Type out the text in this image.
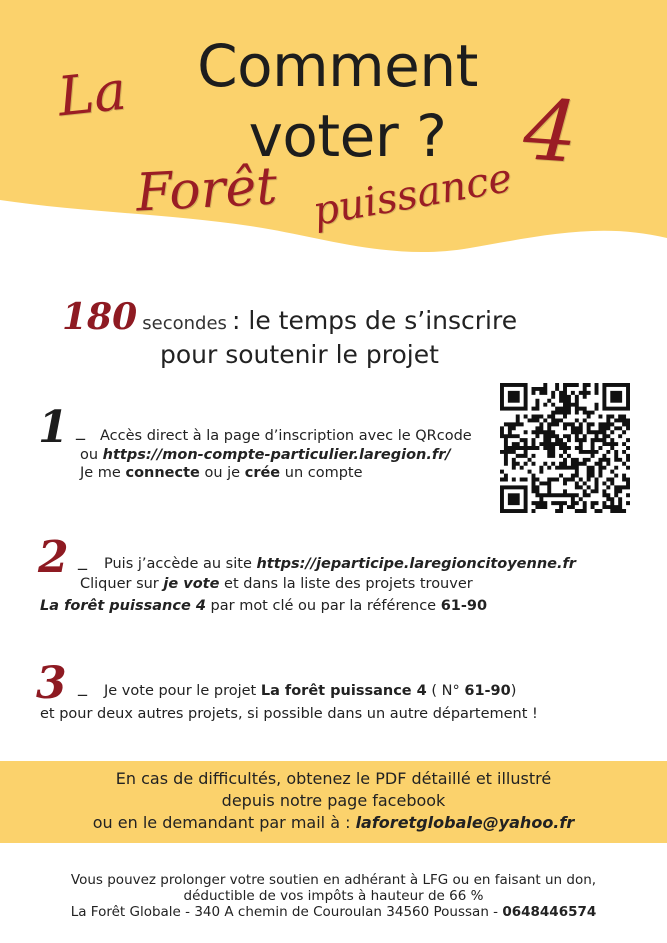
Comment
voter ?
La	4
Forêt puissance
180 secondes : le temps de s’inscrire
pour soutenir le projet
1 _ Accès direct à la page d’inscription avec le QRcode
ou https://mon-compte-particulier.laregion.fr/
Je me connecte ou je crée un compte
2 _ Puis j’accède au site https://jeparticipe.laregioncitoyenne.fr
Cliquer sur je vote et dans la liste des projets trouver
La forêt puissance 4 par mot clé ou par la référence 61-90
3 _ Je vote pour le projet La forêt puissance 4 ( N° 61-90)
et pour deux autres projets, si possible dans un autre département !
En cas de difficultés, obtenez le PDF détaillé et illustré
depuis notre page facebook
ou en le demandant par mail à : laforetglobale@yahoo.fr
Vous pouvez prolonger votre soutien en adhérant à LFG ou en faisant un don,
déductible de vos impôts à hauteur de 66 %
La Forêt Globale - 340 A chemin de Couroulan 34560 Poussan - 0648446574
